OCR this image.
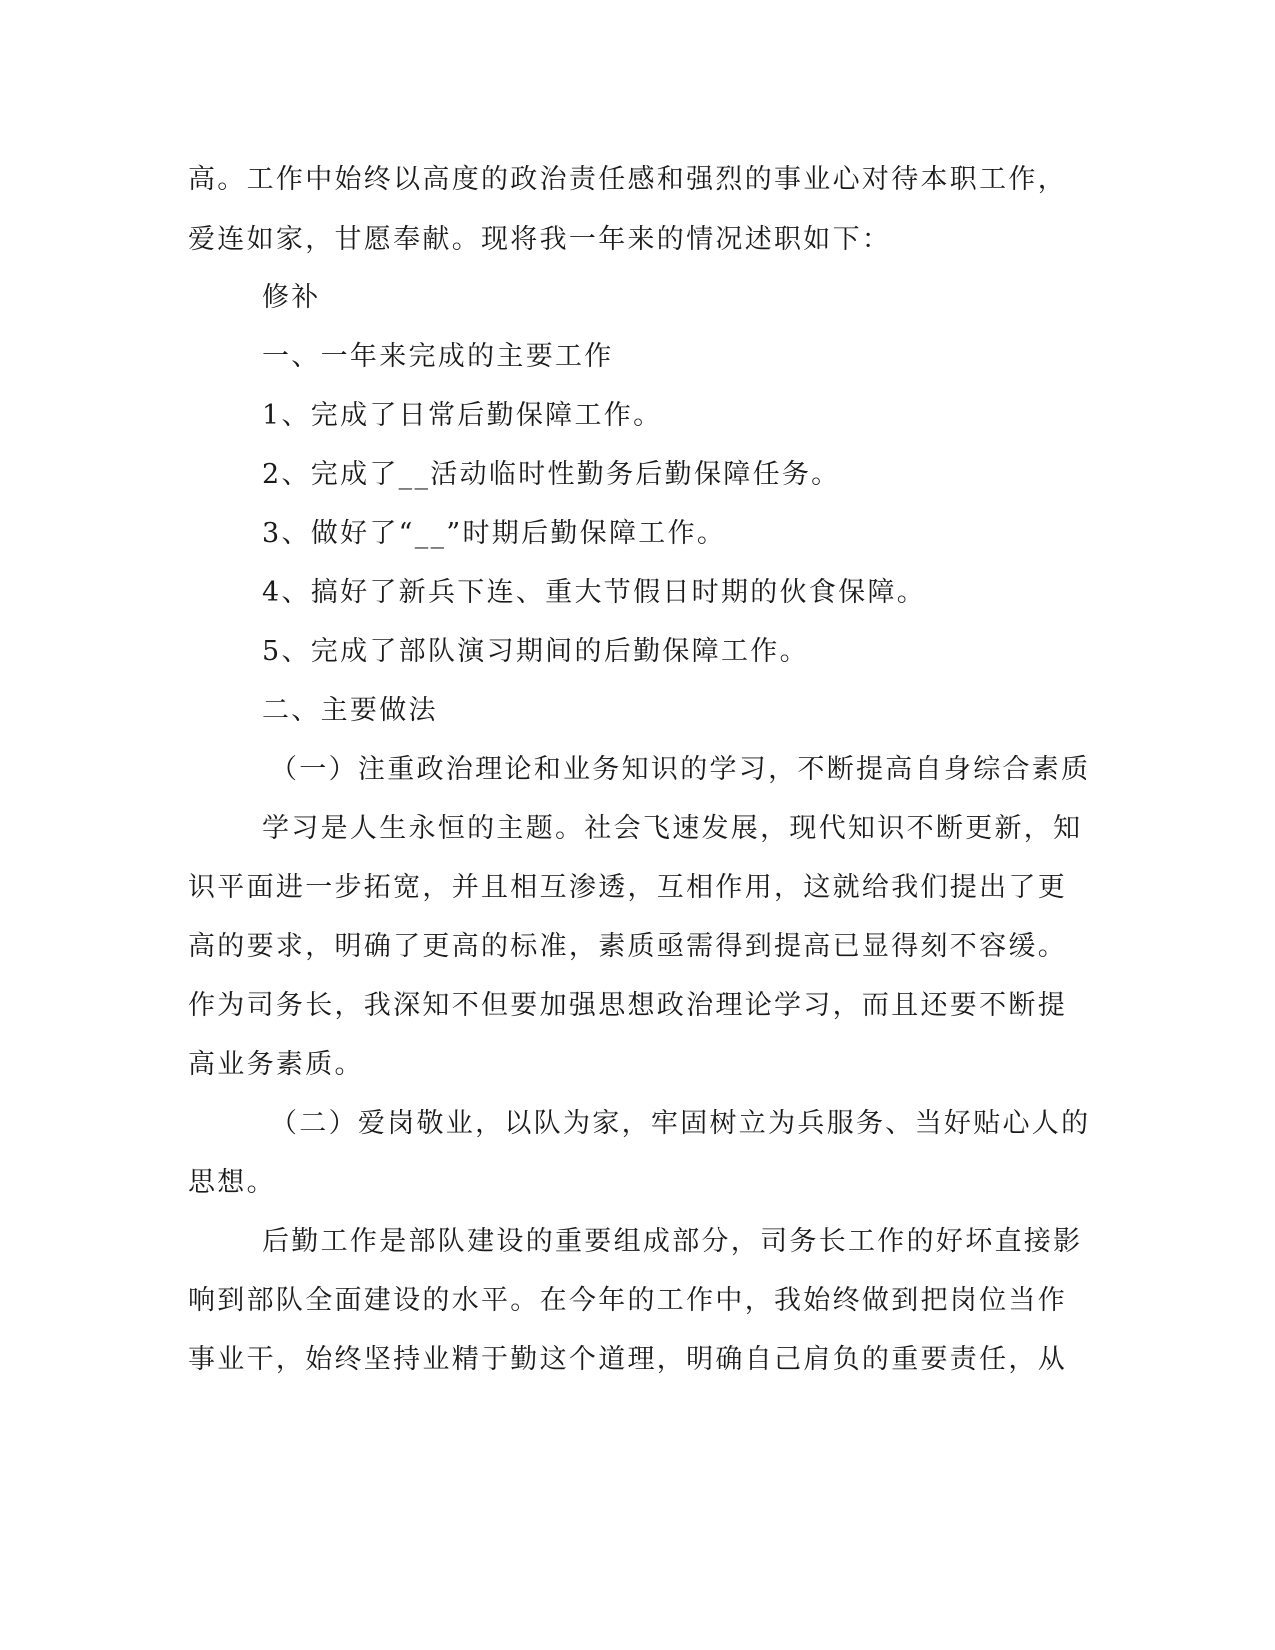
高。工作中始终以高度的政治责任感和强烈的事业心对待本职工作，
爱连如家，甘愿奉献。现将我一年来的情况述职如下：
修补
一、一年来完成的主要工作
1、完成了日常后勤保障工作。
2、完成了__活动临时性勤务后勤保障任务。
3、做好了“__”时期后勤保障工作。
4、搞好了新兵下连、重大节假日时期的伙食保障。
5、完成了部队演习期间的后勤保障工作。
二、主要做法
（一）注重政治理论和业务知识的学习，不断提高自身综合素质
学习是人生永恒的主题。社会飞速发展，现代知识不断更新，知
识平面进一步拓宽，并且相互渗透，互相作用，这就给我们提出了更
高的要求，明确了更高的标准，素质亟需得到提高已显得刻不容缓。
作为司务长，我深知不但要加强思想政治理论学习，而且还要不断提
高业务素质。
（二）爱岗敬业，以队为家，牢固树立为兵服务、当好贴心人的
思想。
后勤工作是部队建设的重要组成部分，司务长工作的好坏直接影
响到部队全面建设的水平。在今年的工作中，我始终做到把岗位当作
事业干，始终坚持业精于勤这个道理，明确自己肩负的重要责任，从
